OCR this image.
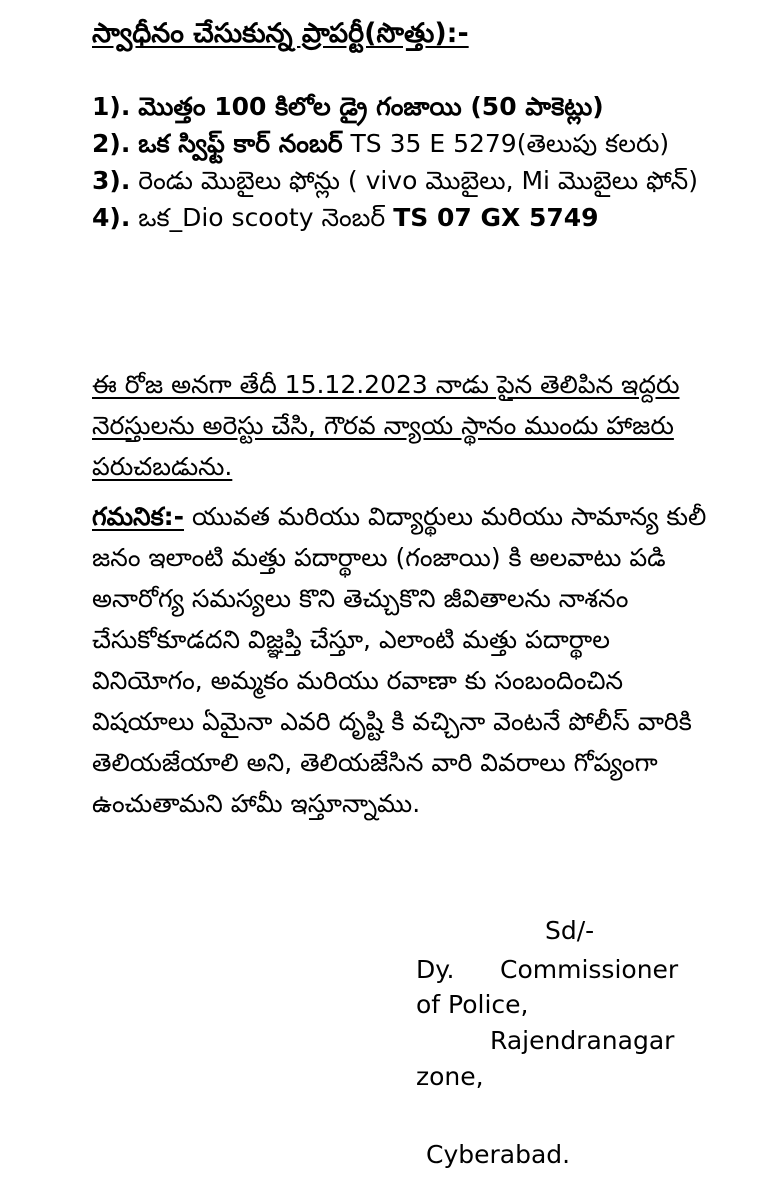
స్వాధీనం చేసుకున్న ప్రాపర్టీ(సొత్తు):-

1). మొత్తం 100 కిలోల డ్రై గంజాయి (50 పాకెట్లు)

2). ఒక స్విఫ్ట్ కార్ నంబర్ TS 35 E 5279(తెలుపు కలరు)

3). రెండు మొబైలు ఫోన్లు ( vivo మొబైలు, Mi మొబైలు ఫోన్)

4). ఒక_Dio scooty నెంబర్ TS 07 GX 5749

ఈ రోజ అనగా తేదీ 15.12.2023 నాడు పైన తెలిపిన ఇద్దరు నెరస్తులను అరెస్టు చేసి, గౌరవ న్యాయ స్థానం ముందు హాజరు పరుచబడును.
గమనిక:- యువత మరియు విద్యార్థులు మరియు సామాన్య కులీ జనం ఇలాంటి మత్తు పదార్థాలు (గంజాయి) కి అలవాటు పడి అనారోగ్య సమస్యలు కొని తెచ్చుకొని జీవితాలను నాశనం చేసుకోకూడదని విజ్ఞప్తి చేస్తూ, ఎలాంటి మత్తు పదార్థాల వినియోగం, అమ్మకం మరియు రవాణా కు సంబందించిన విషయాలు ఏమైనా ఎవరి దృష్టి కి వచ్చినా వెంటనే పోలీస్ వారికి తెలియజేయాలి అని, తెలియజేసిన వారి వివరాలు గోప్యంగా ఉంచుతామని హామీ ఇస్తూన్నాము.
Sd/-
Dy. Commissioner
of Police,
Rajendranagar
zone,
Cyberabad.
